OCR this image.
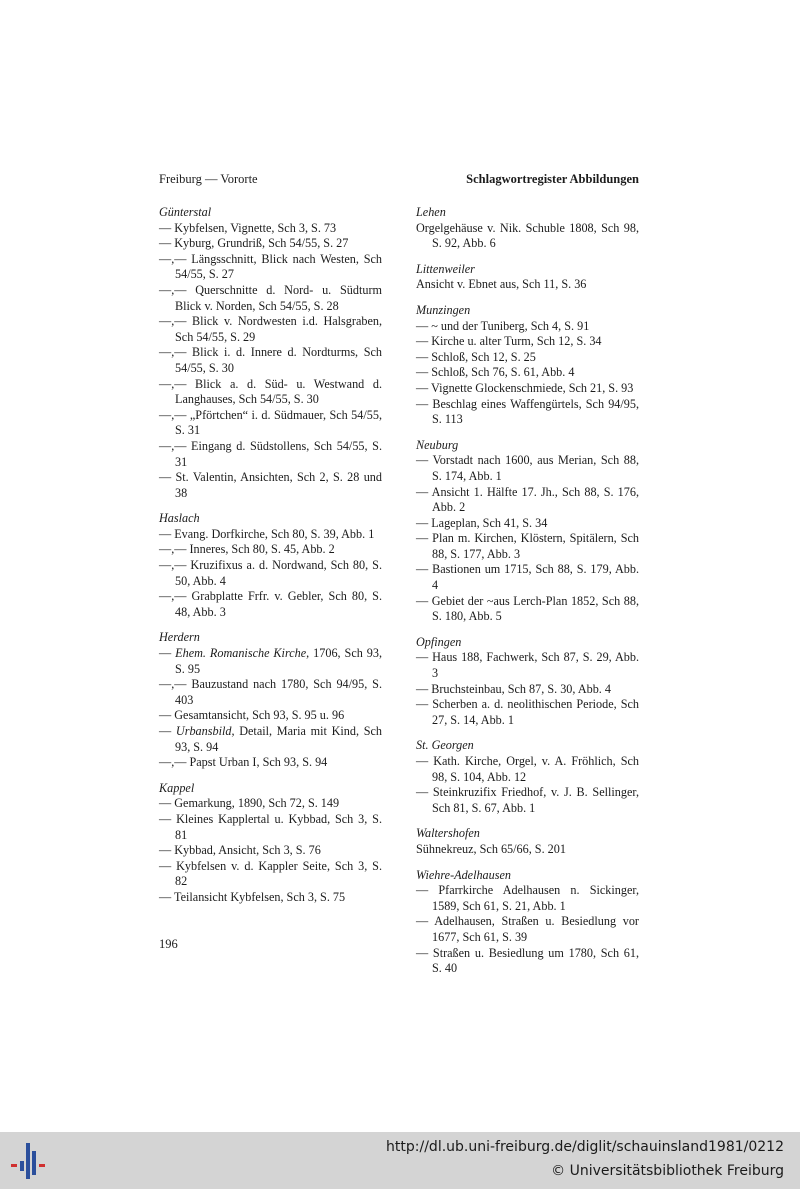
Freiburg — Vororte	Schlagwortregister Abbildungen
Günterstal
— Kybfelsen, Vignette, Sch 3, S. 73
— Kyburg, Grundriß, Sch 54/55, S. 27
—,— Längsschnitt, Blick nach Westen, Sch 54/55, S. 27
—,— Querschnitte d. Nord- u. Südturm Blick v. Norden, Sch 54/55, S. 28
—,— Blick v. Nordwesten i.d. Halsgraben, Sch 54/55, S. 29
—,— Blick i. d. Innere d. Nordturms, Sch 54/55, S. 30
—,— Blick a. d. Süd- u. Westwand d. Langhauses, Sch 54/55, S. 30
—,— „Pförtchen“ i. d. Südmauer, Sch 54/55, S. 31
—,— Eingang d. Südstollens, Sch 54/55, S. 31
— St. Valentin, Ansichten, Sch 2, S. 28 und 38
Haslach
— Evang. Dorfkirche, Sch 80, S. 39, Abb. 1
—,— Inneres, Sch 80, S. 45, Abb. 2
—,— Kruzifixus a. d. Nordwand, Sch 80, S. 50, Abb. 4
—,— Grabplatte Frfr. v. Gebler, Sch 80, S. 48, Abb. 3
Herdern
— Ehem. Romanische Kirche, 1706, Sch 93, S. 95
—,— Bauzustand nach 1780, Sch 94/95, S. 403
— Gesamtansicht, Sch 93, S. 95 u. 96
— Urbansbild, Detail, Maria mit Kind, Sch 93, S. 94
—,— Papst Urban I, Sch 93, S. 94
Kappel
— Gemarkung, 1890, Sch 72, S. 149
— Kleines Kapplertal u. Kybbad, Sch 3, S. 81
— Kybbad, Ansicht, Sch 3, S. 76
— Kybfelsen v. d. Kappler Seite, Sch 3, S. 82
— Teilansicht Kybfelsen, Sch 3, S. 75
Lehen
Orgelgehäuse v. Nik. Schuble 1808, Sch 98, S. 92, Abb. 6
Littenweiler
Ansicht v. Ebnet aus, Sch 11, S. 36
Munzingen
— ~ und der Tuniberg, Sch 4, S. 91
— Kirche u. alter Turm, Sch 12, S. 34
— Schloß, Sch 12, S. 25
— Schloß, Sch 76, S. 61, Abb. 4
— Vignette Glockenschmiede, Sch 21, S. 93
— Beschlag eines Waffengürtels, Sch 94/95, S. 113
Neuburg
— Vorstadt nach 1600, aus Merian, Sch 88, S. 174, Abb. 1
— Ansicht 1. Hälfte 17. Jh., Sch 88, S. 176, Abb. 2
— Lageplan, Sch 41, S. 34
— Plan m. Kirchen, Klöstern, Spitälern, Sch 88, S. 177, Abb. 3
— Bastionen um 1715, Sch 88, S. 179, Abb. 4
— Gebiet der ~aus Lerch-Plan 1852, Sch 88, S. 180, Abb. 5
Opfingen
— Haus 188, Fachwerk, Sch 87, S. 29, Abb. 3
— Bruchsteinbau, Sch 87, S. 30, Abb. 4
— Scherben a. d. neolithischen Periode, Sch 27, S. 14, Abb. 1
St. Georgen
— Kath. Kirche, Orgel, v. A. Fröhlich, Sch 98, S. 104, Abb. 12
— Steinkruzifix Friedhof, v. J. B. Sellinger, Sch 81, S. 67, Abb. 1
Waltershofen
Sühnekreuz, Sch 65/66, S. 201
Wiehre-Adelhausen
— Pfarrkirche Adelhausen n. Sickinger, 1589, Sch 61, S. 21, Abb. 1
— Adelhausen, Straßen u. Besiedlung vor 1677, Sch 61, S. 39
— Straßen u. Besiedlung um 1780, Sch 61, S. 40
196
http://dl.ub.uni-freiburg.de/diglit/schauinsland1981/0212
© Universitätsbibliothek Freiburg
